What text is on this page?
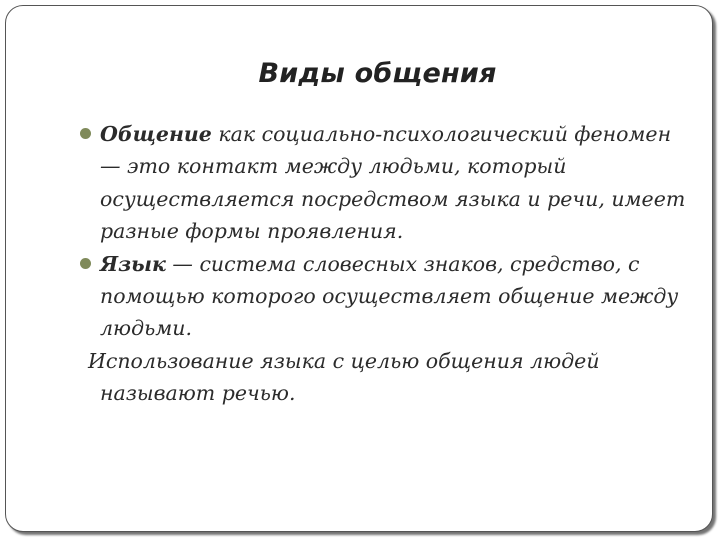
Виды общения

Общение как социально-психологический феномен — это контакт между людьми, который осуществляется посредством языка и речи, имеет разные формы проявления.

Язык — система словесных знаков, средство, с помощью которого осуществляет общение между людьми.

Использование языка с целью общения людей называют речью.
